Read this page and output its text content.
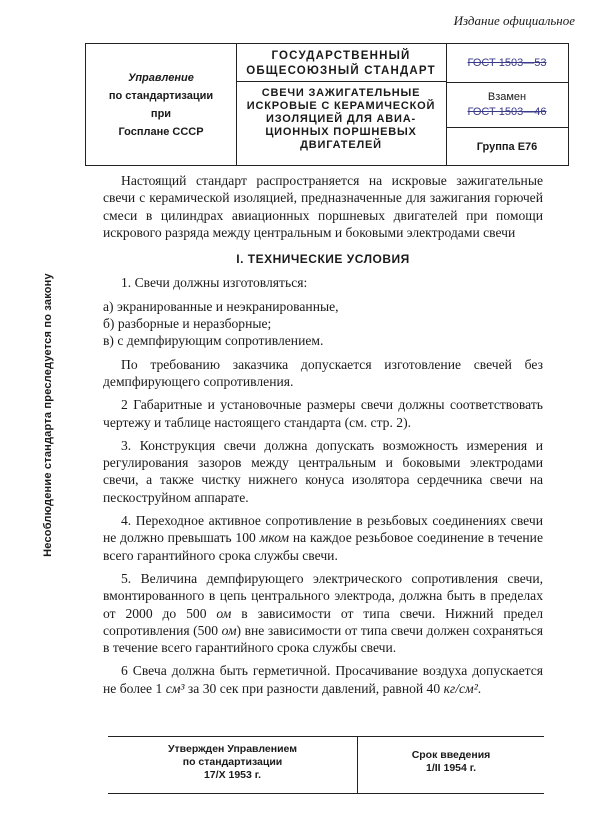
Издание официальное
Несоблюдение стандарта преследуется по закону
Управление
по стандартизации
при
Госплане СССР
ГОСУДАРСТВЕННЫЙ
ОБЩЕСОЮЗНЫЙ СТАНДАРТ
СВЕЧИ ЗАЖИГАТЕЛЬНЫЕ
ИСКРОВЫЕ С КЕРАМИЧЕСКОЙ
ИЗОЛЯЦИЕЙ ДЛЯ АВИА-
ЦИОННЫХ ПОРШНЕВЫХ
ДВИГАТЕЛЕЙ
ГОСТ 1503—53
Взамен
ГОСТ 1503—46
Группа Е76

Настоящий стандарт распространяется на искровые зажигательные свечи с керамической изоляцией, предназначенные для зажигания горючей смеси в цилиндрах авиационных поршневых двигателей при помощи искрового разряда между центральным и боковыми электродами свечи

I. ТЕХНИЧЕСКИЕ УСЛОВИЯ

1. Свечи должны изготовляться:

а) экранированные и неэкранированные,
б) разборные и неразборные;
в) с демпфирующим сопротивлением.

По требованию заказчика допускается изготовление свечей без демпфирующего сопротивления.

2 Габаритные и установочные размеры свечи должны соответствовать чертежу и таблице настоящего стандарта (см. стр. 2).

3. Конструкция свечи должна допускать возможность измерения и регулирования зазоров между центральным и боковыми электродами свечи, а также чистку нижнего конуса изолятора сердечника свечи на пескоструйном аппарате.

4. Переходное активное сопротивление в резьбовых соединениях свечи не должно превышать 100 мком на каждое резьбовое соединение в течение всего гарантийного срока службы свечи.

5. Величина демпфирующего электрического сопротивления свечи, вмонтированного в цепь центрального электрода, должна быть в пределах от 2000 до 500 ом в зависимости от типа свечи. Нижний предел сопротивления (500 ом) вне зависимости от типа свечи должен сохраняться в течение всего гарантийного срока службы свечи.

6 Свеча должна быть герметичной. Просачивание воздуха допускается не более 1 см³ за 30 сек при разности давлений, равной 40 кг/см².

Утвержден Управлением
по стандартизации
17/X 1953 г.
Срок введения
1/II 1954 г.
